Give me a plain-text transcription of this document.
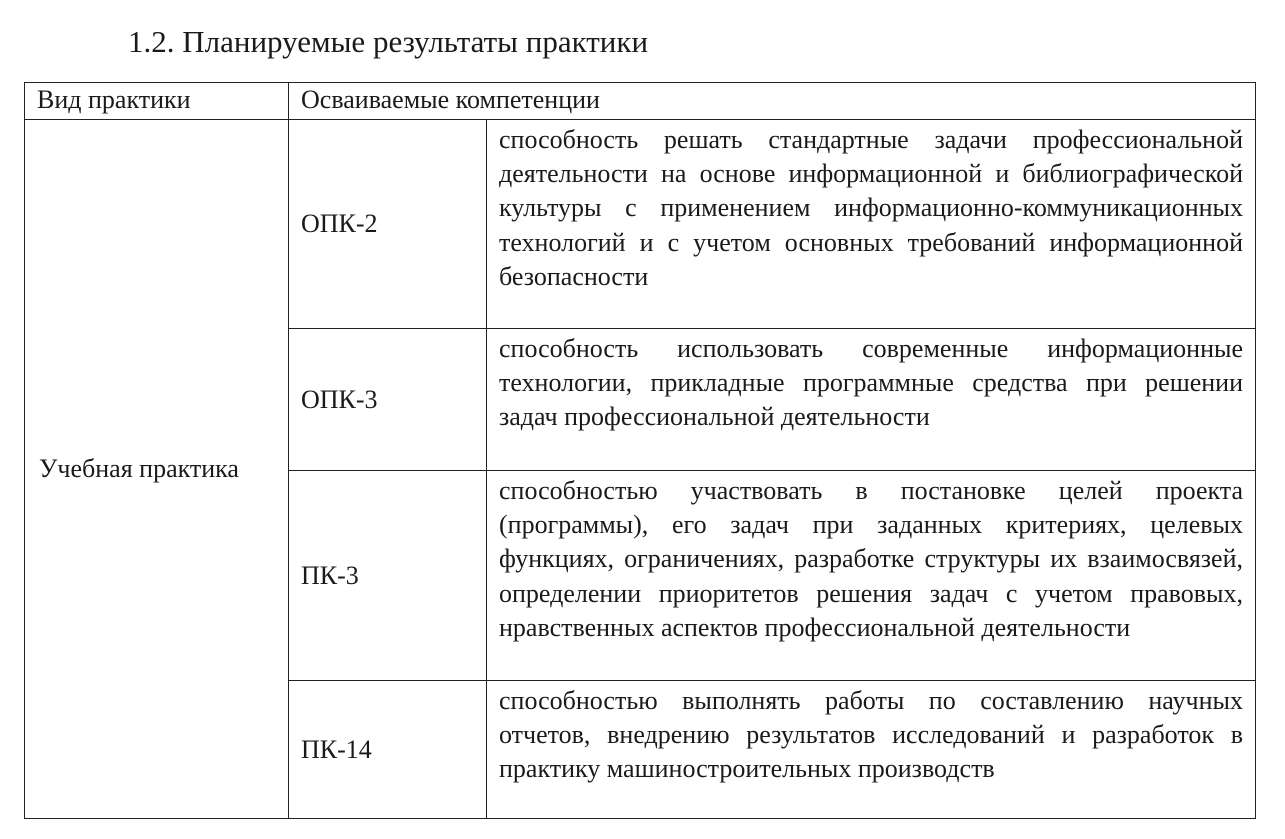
1.2. Планируемые результаты практики
Вид практики	Осваиваемые компетенции	
Учебная практика	ОПК-2	способность решать стандартные задачи профессиональной деятельности на основе информационной и библиографической культуры с применением информационно-коммуникационных технологий и с учетом основных требований информационной безопасности
	ОПК-3	способность использовать современные информационные технологии, прикладные программные средства при решении задач профессиональной деятельности
	ПК-3	способностью участвовать в постановке целей проекта (программы), его задач при заданных критериях, целевых функциях, ограничениях, разработке структуры их взаимосвязей, определении приоритетов решения задач с учетом правовых, нравственных аспектов профессиональной деятельности
	ПК-14	способностью выполнять работы по составлению научных отчетов, внедрению результатов исследований и разработок в практику машиностроительных производств
